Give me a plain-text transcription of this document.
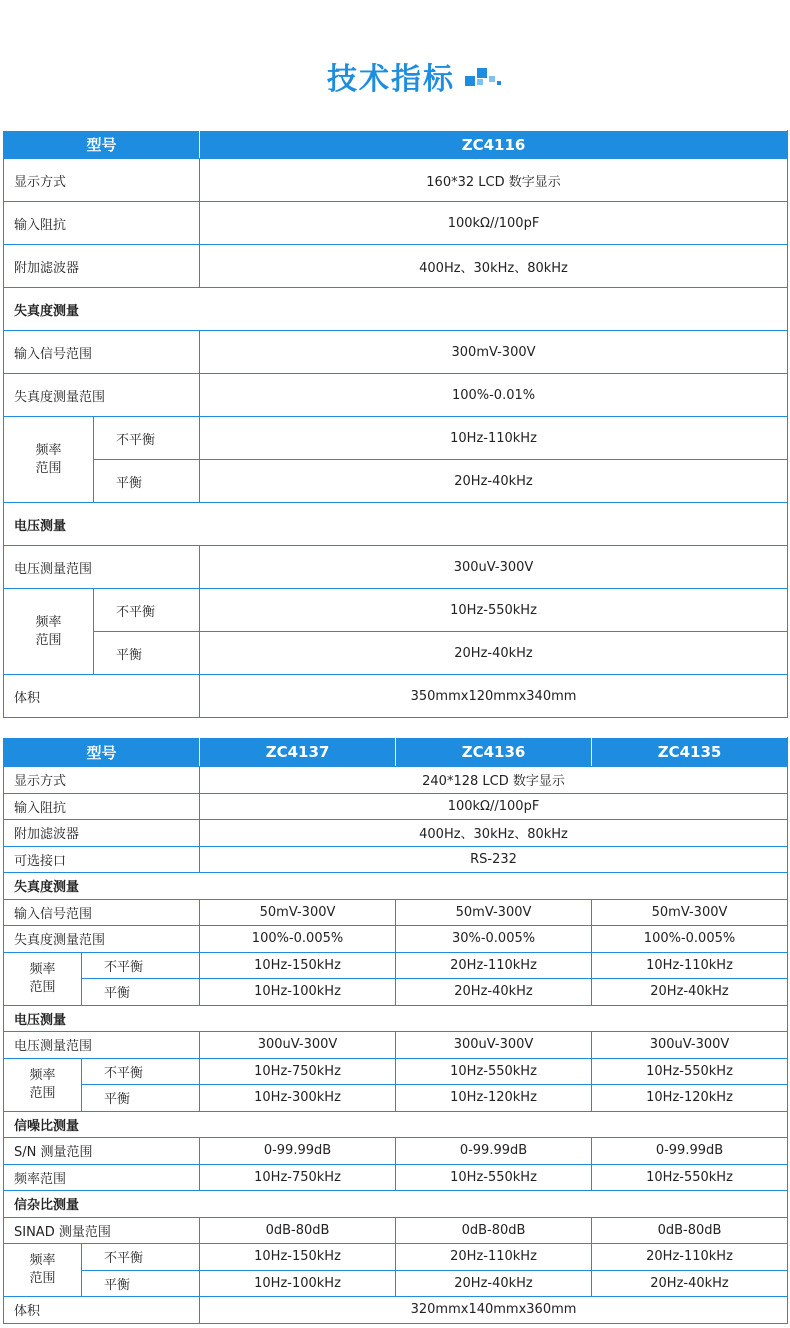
技术指标
型号		ZC4116
显示方式		160*32 LCD 数字显示
输入阻抗		100kΩ//100pF
附加滤波器		400Hz、30kHz、80kHz
失真度测量		
输入信号范围		300mV-300V
失真度测量范围		100%-0.01%
频率
范围	不平衡	10Hz-110kHz
	平衡	20Hz-40kHz
电压测量		
电压测量范围		300uV-300V
频率
范围	不平衡	10Hz-550kHz
	平衡	20Hz-40kHz
体积		350mmx120mmx340mm
型号		ZC4137	ZC4136	ZC4135
显示方式		240*128 LCD 数字显示		
输入阻抗		100kΩ//100pF		
附加滤波器		400Hz、30kHz、80kHz		
可选接口		RS-232		
失真度测量				
输入信号范围		50mV-300V	50mV-300V	50mV-300V
失真度测量范围		100%-0.005%	30%-0.005%	100%-0.005%
频率
范围	不平衡	10Hz-150kHz	20Hz-110kHz	10Hz-110kHz
	平衡	10Hz-100kHz	20Hz-40kHz	20Hz-40kHz
电压测量				
电压测量范围		300uV-300V	300uV-300V	300uV-300V
频率
范围	不平衡	10Hz-750kHz	10Hz-550kHz	10Hz-550kHz
	平衡	10Hz-300kHz	10Hz-120kHz	10Hz-120kHz
信噪比测量				
S/N 测量范围		0-99.99dB	0-99.99dB	0-99.99dB
频率范围		10Hz-750kHz	10Hz-550kHz	10Hz-550kHz
信杂比测量				
SINAD 测量范围		0dB-80dB	0dB-80dB	0dB-80dB
频率
范围	不平衡	10Hz-150kHz	20Hz-110kHz	20Hz-110kHz
	平衡	10Hz-100kHz	20Hz-40kHz	20Hz-40kHz
体积		320mmx140mmx360mm		
